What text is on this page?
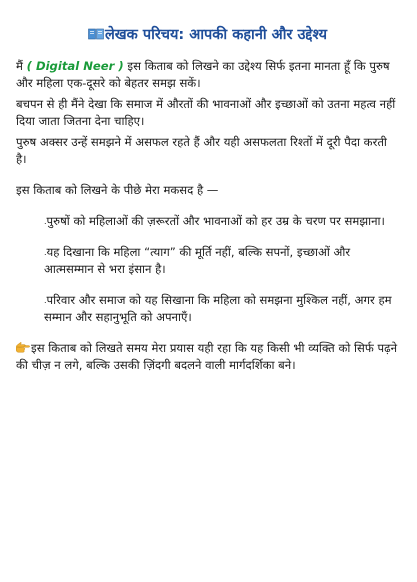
लेखक परिचय: आपकी कहानी और उद्देश्य

मैं ( Digital Neer ) इस किताब को लिखने का उद्देश्य सिर्फ इतना मानता हूँ कि पुरुष और महिला एक-दूसरे को बेहतर समझ सकें।

बचपन से ही मैंने देखा कि समाज में औरतों की भावनाओं और इच्छाओं को उतना महत्व नहीं दिया जाता जितना देना चाहिए।

पुरुष अक्सर उन्हें समझने में असफल रहते हैं और यही असफलता रिश्तों में दूरी पैदा करती है।

इस किताब को लिखने के पीछे मेरा मकसद है —

.पुरुषों को महिलाओं की ज़रूरतों और भावनाओं को हर उम्र के चरण पर समझाना।
.यह दिखाना कि महिला “त्याग” की मूर्ति नहीं, बल्कि सपनों, इच्छाओं और आत्मसम्मान से भरा इंसान है।
.परिवार और समाज को यह सिखाना कि महिला को समझना मुश्किल नहीं, अगर हम सम्मान और सहानुभूति को अपनाएँ।

इस किताब को लिखते समय मेरा प्रयास यही रहा कि यह किसी भी व्यक्ति को सिर्फ पढ़ने की चीज़ न लगे, बल्कि उसकी ज़िंदगी बदलने वाली मार्गदर्शिका बने।
